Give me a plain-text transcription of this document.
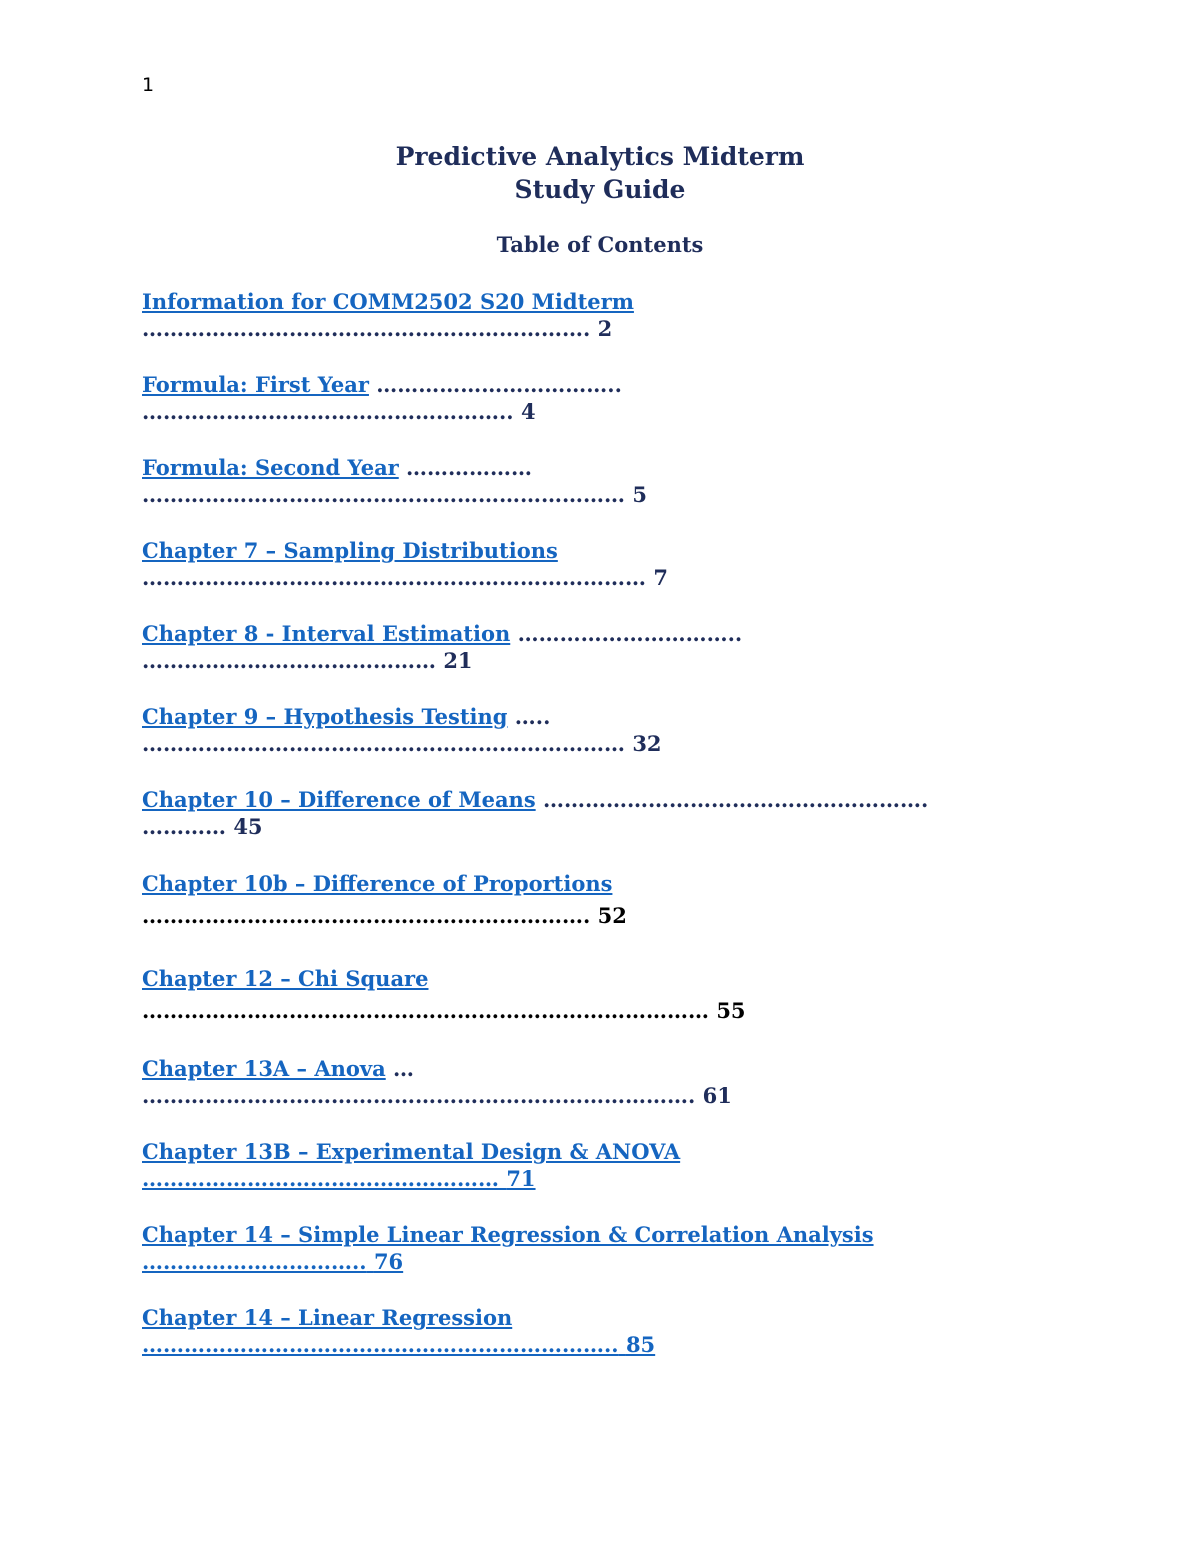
1
Predictive Analytics Midterm
Study Guide
Table of Contents
Information for COMM2502 S20 Midterm
………………………………………………………. 2
Formula: First Year ……………………………..
…………………………………………….. 4
Formula: Second Year ………………
…………………………………………………………… 5
Chapter 7 – Sampling Distributions
……………………………………………………………… 7
Chapter 8 - Interval Estimation …………………………..
…………………………………… 21
Chapter 9 – Hypothesis Testing …..
…………………………………………………………… 32
Chapter 10 – Difference of Means ……………………………………………….
………… 45
Chapter 10b – Difference of Proportions
………………………………………………………. 52
Chapter 12 – Chi Square
……………………………………………………………………… 55
Chapter 13A – Anova …
……………………………………………………………………. 61
Chapter 13B – Experimental Design & ANOVA
…………………………………………… 71
Chapter 14 – Simple Linear Regression & Correlation Analysis
………………………….. 76
Chapter 14 – Linear Regression
………………………………………………………….. 85
